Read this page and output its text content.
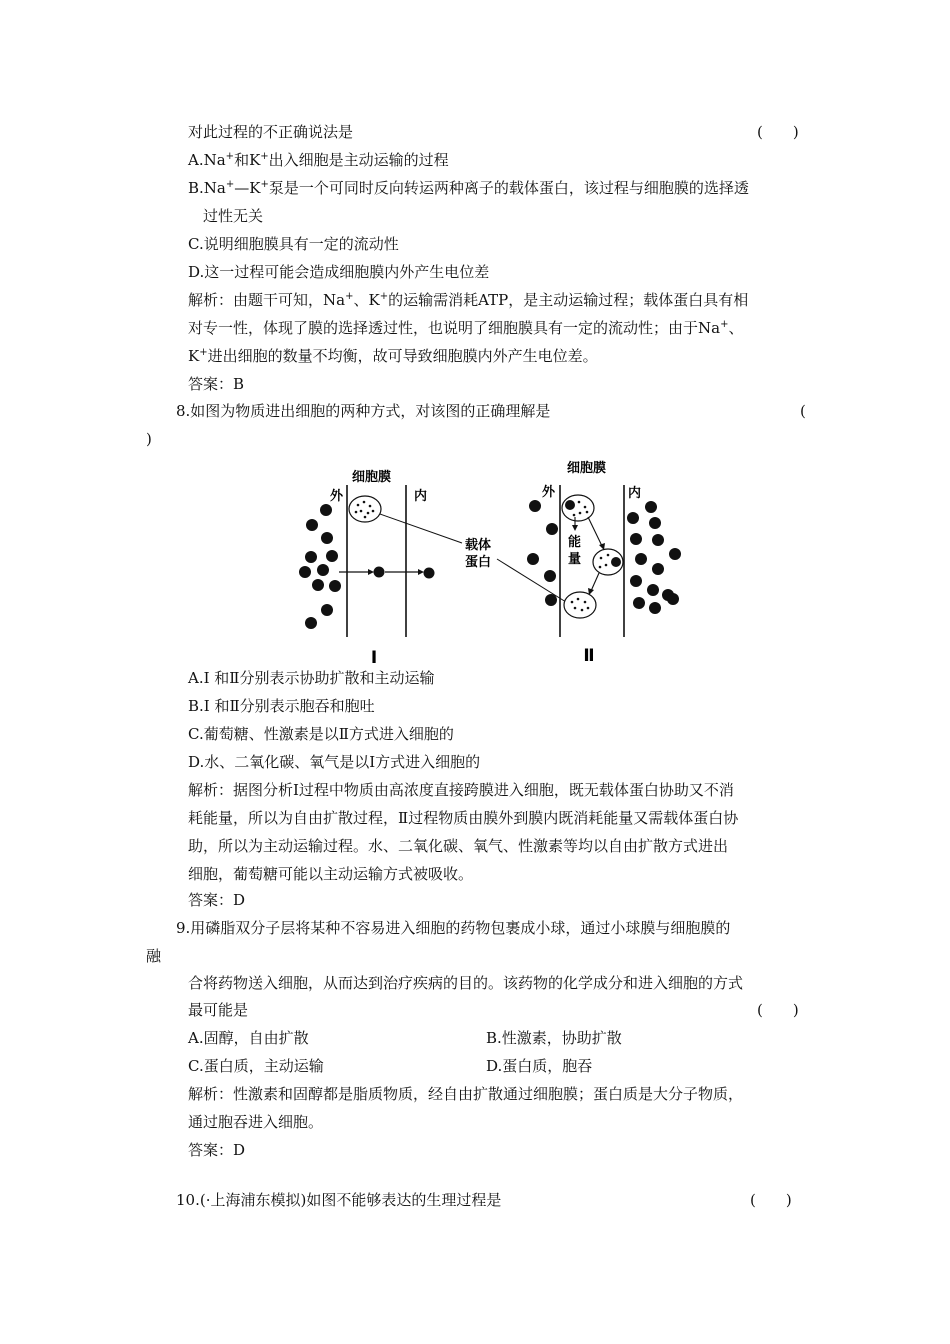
对此过程的不正确说法是	(　　)
A.Na+和K+出入细胞是主动运输的过程
B.Na+—K+泵是一个可同时反向转运两种离子的载体蛋白，该过程与细胞膜的选择透
过性无关
C.说明细胞膜具有一定的流动性
D.这一过程可能会造成细胞膜内外产生电位差
解析：由题干可知，Na+、K+的运输需消耗ATP，是主动运输过程；载体蛋白具有相
对专一性，体现了膜的选择透过性，也说明了细胞膜具有一定的流动性；由于Na+、
K+进出细胞的数量不均衡，故可导致细胞膜内外产生电位差。
答案：B
8.如图为物质进出细胞的两种方式，对该图的正确理解是	(
)
细胞膜
外	内
Ⅰ
载体
蛋白
细胞膜
外	内
能
量
Ⅱ
A.Ⅰ 和Ⅱ分别表示协助扩散和主动运输
B.Ⅰ 和Ⅱ分别表示胞吞和胞吐
C.葡萄糖、性激素是以Ⅱ方式进入细胞的
D.水、二氧化碳、氧气是以Ⅰ方式进入细胞的
解析：据图分析Ⅰ过程中物质由高浓度直接跨膜进入细胞，既无载体蛋白协助又不消
耗能量，所以为自由扩散过程，Ⅱ过程物质由膜外到膜内既消耗能量又需载体蛋白协
助，所以为主动运输过程。水、二氧化碳、氧气、性激素等均以自由扩散方式进出
细胞，葡萄糖可能以主动运输方式被吸收。
答案：D
9.用磷脂双分子层将某种不容易进入细胞的药物包裹成小球，通过小球膜与细胞膜的
融
合将药物送入细胞，从而达到治疗疾病的目的。该药物的化学成分和进入细胞的方式
最可能是	(　　)
A.固醇，自由扩散	B.性激素，协助扩散
C.蛋白质，主动运输	D.蛋白质，胞吞
解析：性激素和固醇都是脂质物质，经自由扩散通过细胞膜；蛋白质是大分子物质，
通过胞吞进入细胞。
答案：D
10.(·上海浦东模拟)如图不能够表达的生理过程是	(　　)
